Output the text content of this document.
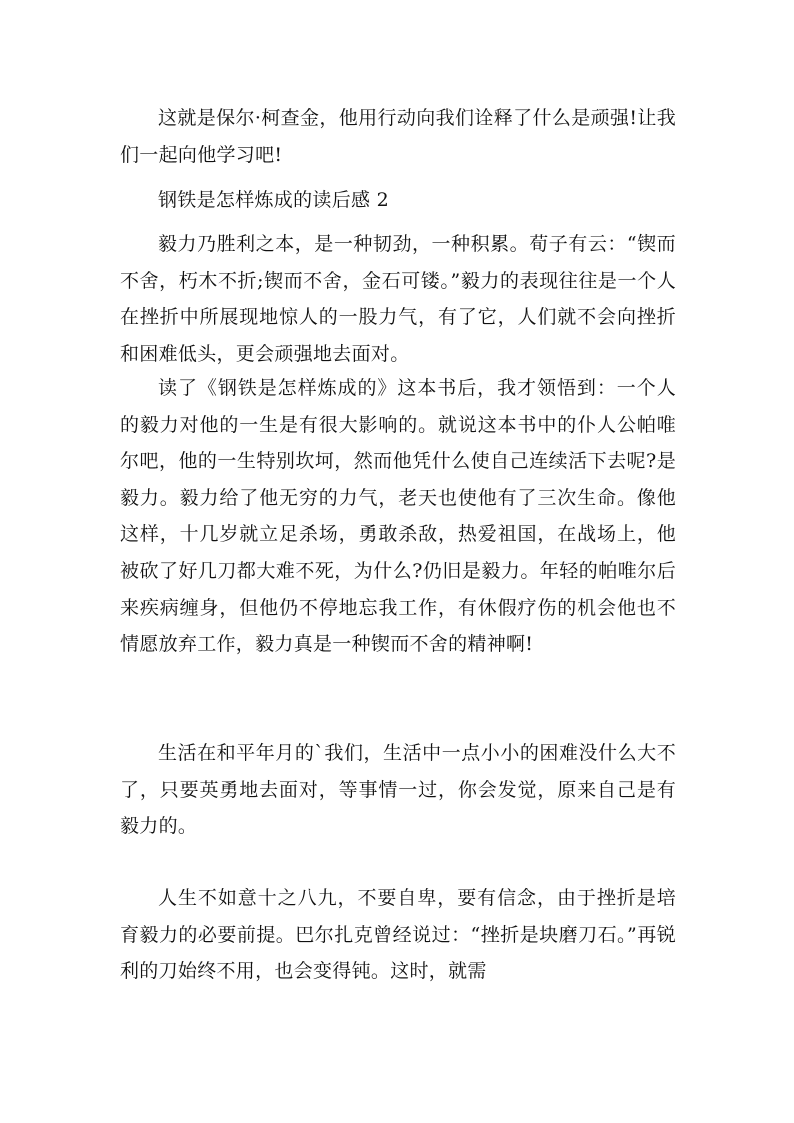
这就是保尔·柯查金，他用行动向我们诠释了什么是顽强!让我们一起向他学习吧!

钢铁是怎样炼成的读后感 2

毅力乃胜利之本，是一种韧劲，一种积累。荀子有云：“锲而不舍，朽木不折;锲而不舍，金石可镂。”毅力的表现往往是一个人在挫折中所展现地惊人的一股力气，有了它，人们就不会向挫折和困难低头，更会顽强地去面对。

读了《钢铁是怎样炼成的》这本书后，我才领悟到：一个人的毅力对他的一生是有很大影响的。就说这本书中的仆人公帕唯尔吧，他的一生特别坎坷，然而他凭什么使自己连续活下去呢?是毅力。毅力给了他无穷的力气，老天也使他有了三次生命。像他这样，十几岁就立足杀场，勇敢杀敌，热爱祖国，在战场上，他被砍了好几刀都大难不死，为什么?仍旧是毅力。年轻的帕唯尔后来疾病缠身，但他仍不停地忘我工作，有休假疗伤的机会他也不情愿放弃工作，毅力真是一种锲而不舍的精神啊!

生活在和平年月的`我们，生活中一点小小的困难没什么大不了，只要英勇地去面对，等事情一过，你会发觉，原来自己是有毅力的。

人生不如意十之八九，不要自卑，要有信念，由于挫折是培育毅力的必要前提。巴尔扎克曾经说过：“挫折是块磨刀石。”再锐利的刀始终不用，也会变得钝。这时，就需
